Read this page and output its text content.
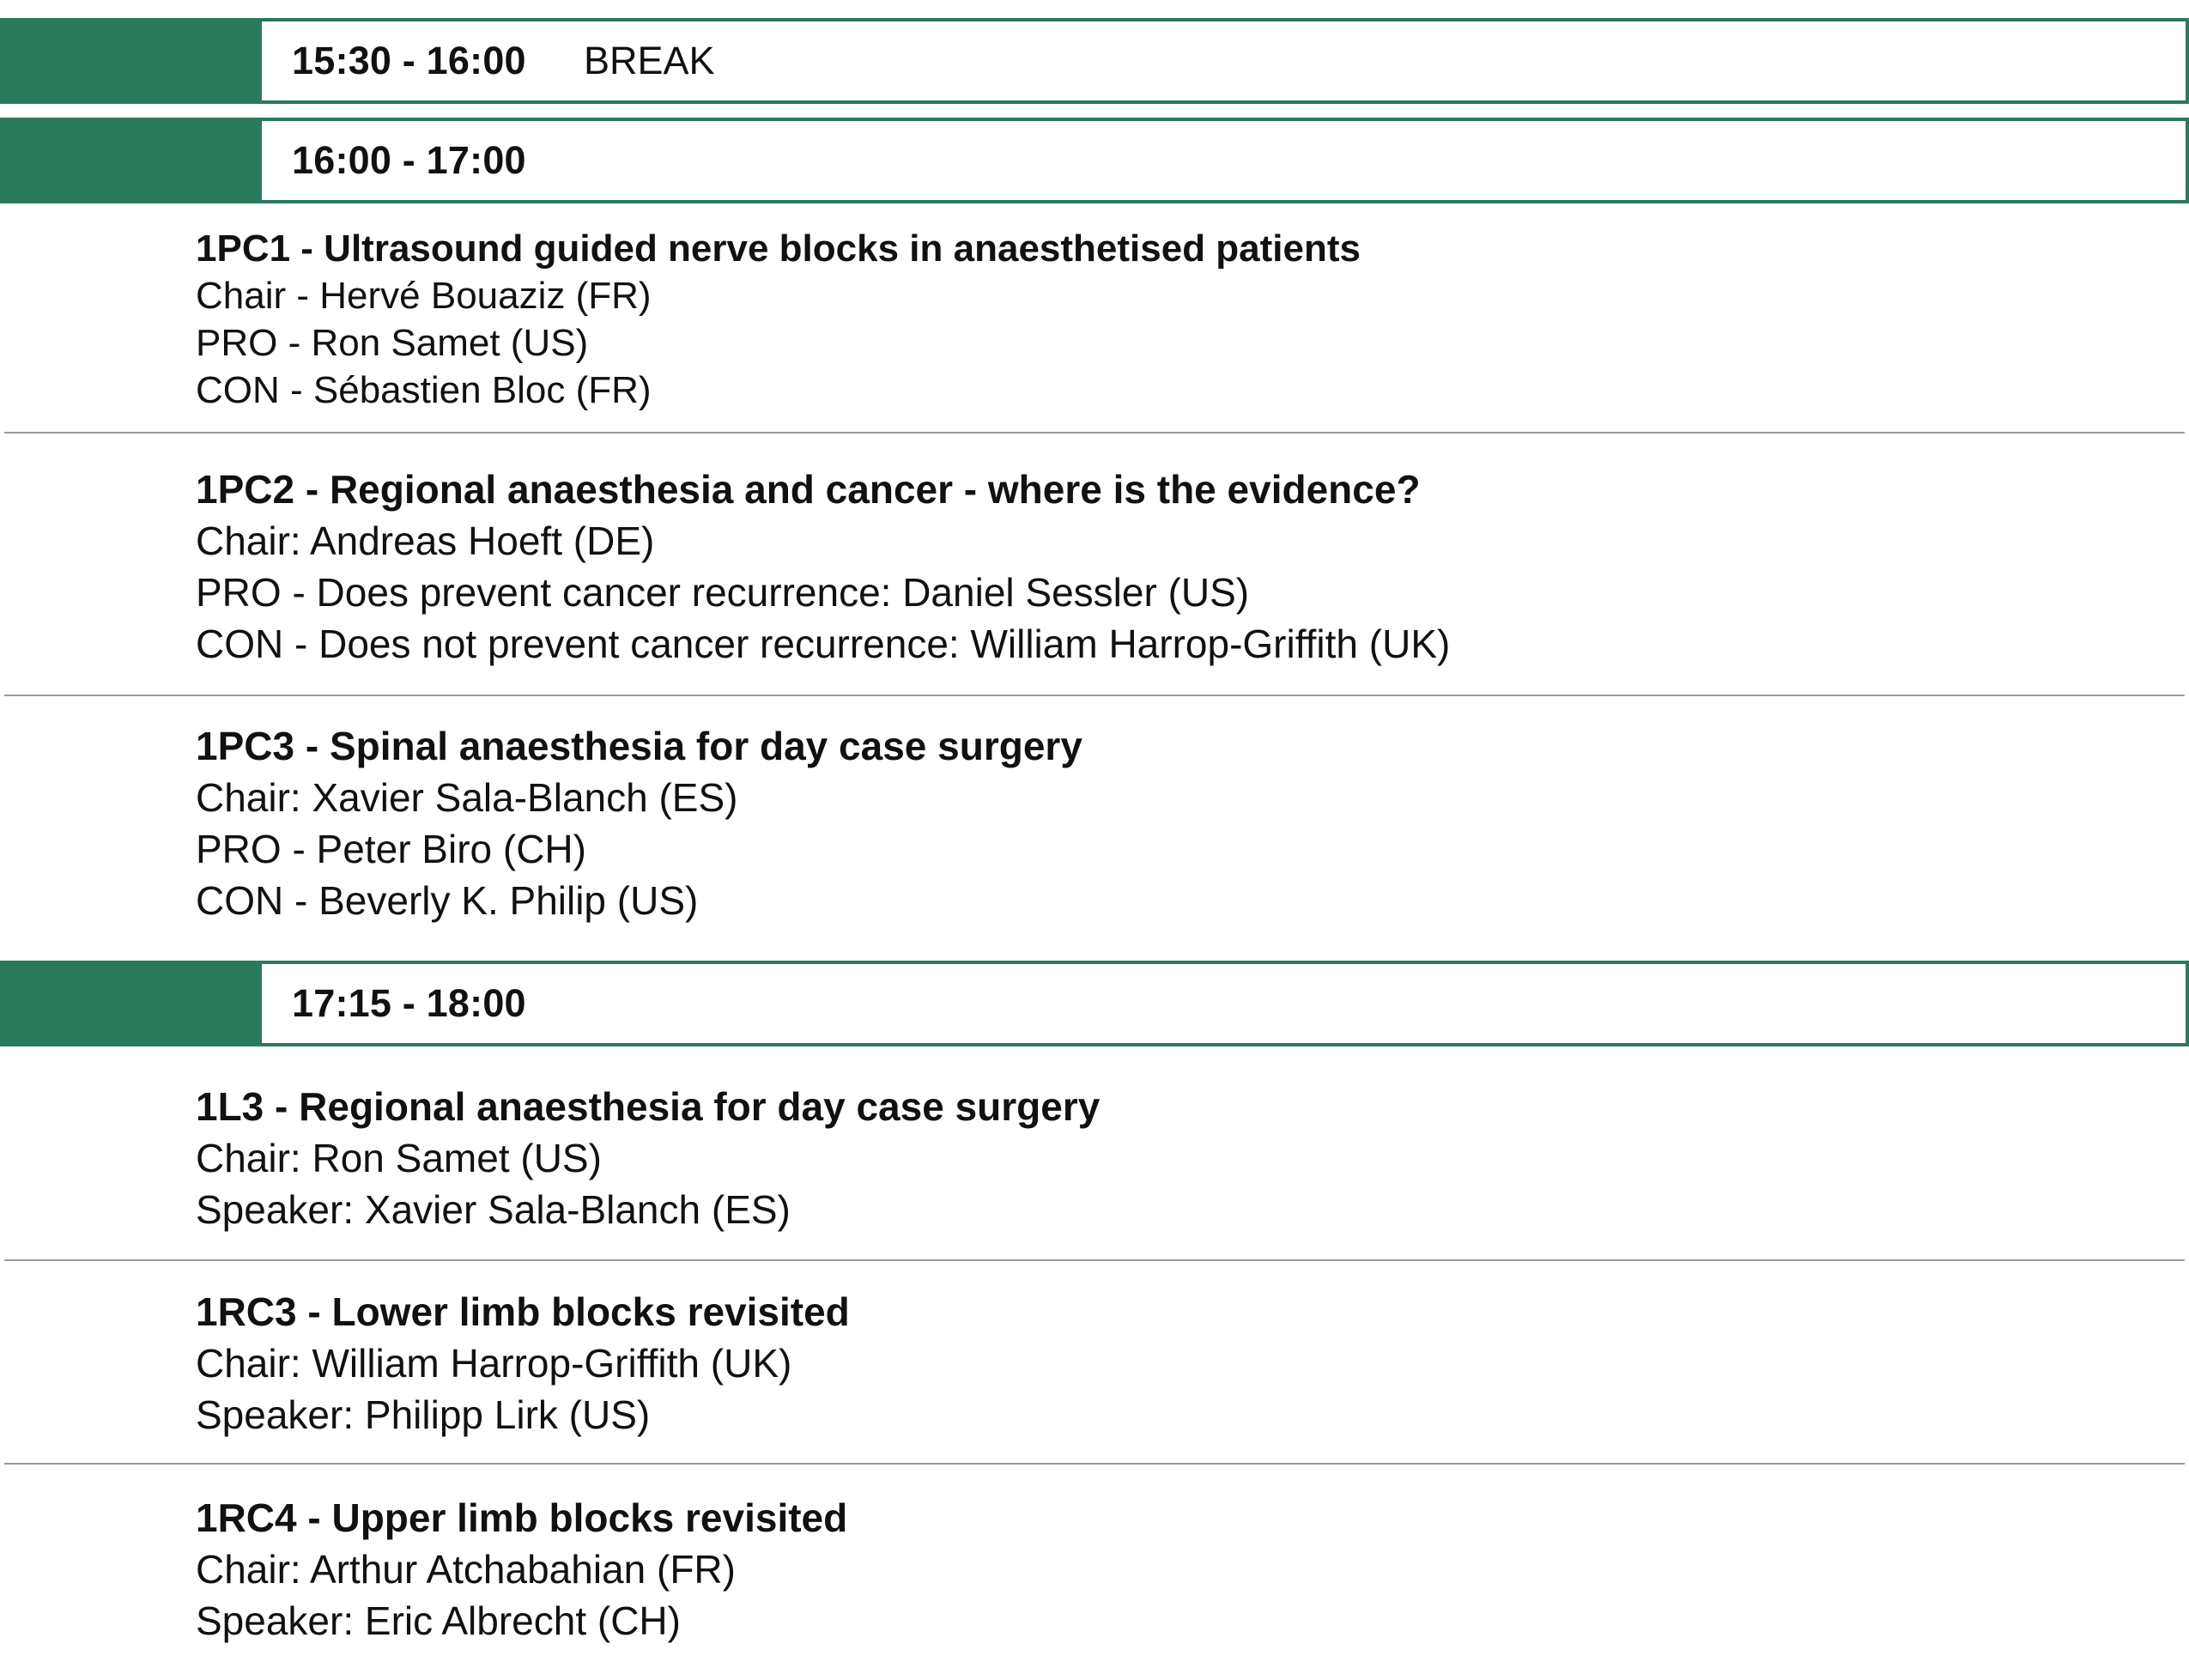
15:30 - 16:00 BREAK
16:00 - 17:00
1PC1 - Ultrasound guided nerve blocks in anaesthetised patients
Chair - Hervé Bouaziz (FR)
PRO - Ron Samet (US)
CON - Sébastien Bloc (FR)
1PC2 - Regional anaesthesia and cancer - where is the evidence?
Chair: Andreas Hoeft (DE)
PRO - Does prevent cancer recurrence: Daniel Sessler (US)
CON - Does not prevent cancer recurrence: William Harrop-Griffith (UK)
1PC3 - Spinal anaesthesia for day case surgery
Chair: Xavier Sala-Blanch (ES)
PRO - Peter Biro (CH)
CON - Beverly K. Philip (US)
17:15 - 18:00
1L3 - Regional anaesthesia for day case surgery
Chair: Ron Samet (US)
Speaker: Xavier Sala-Blanch (ES)
1RC3 - Lower limb blocks revisited
Chair: William Harrop-Griffith (UK)
Speaker: Philipp Lirk (US)
1RC4 - Upper limb blocks revisited
Chair: Arthur Atchabahian (FR)
Speaker: Eric Albrecht (CH)
